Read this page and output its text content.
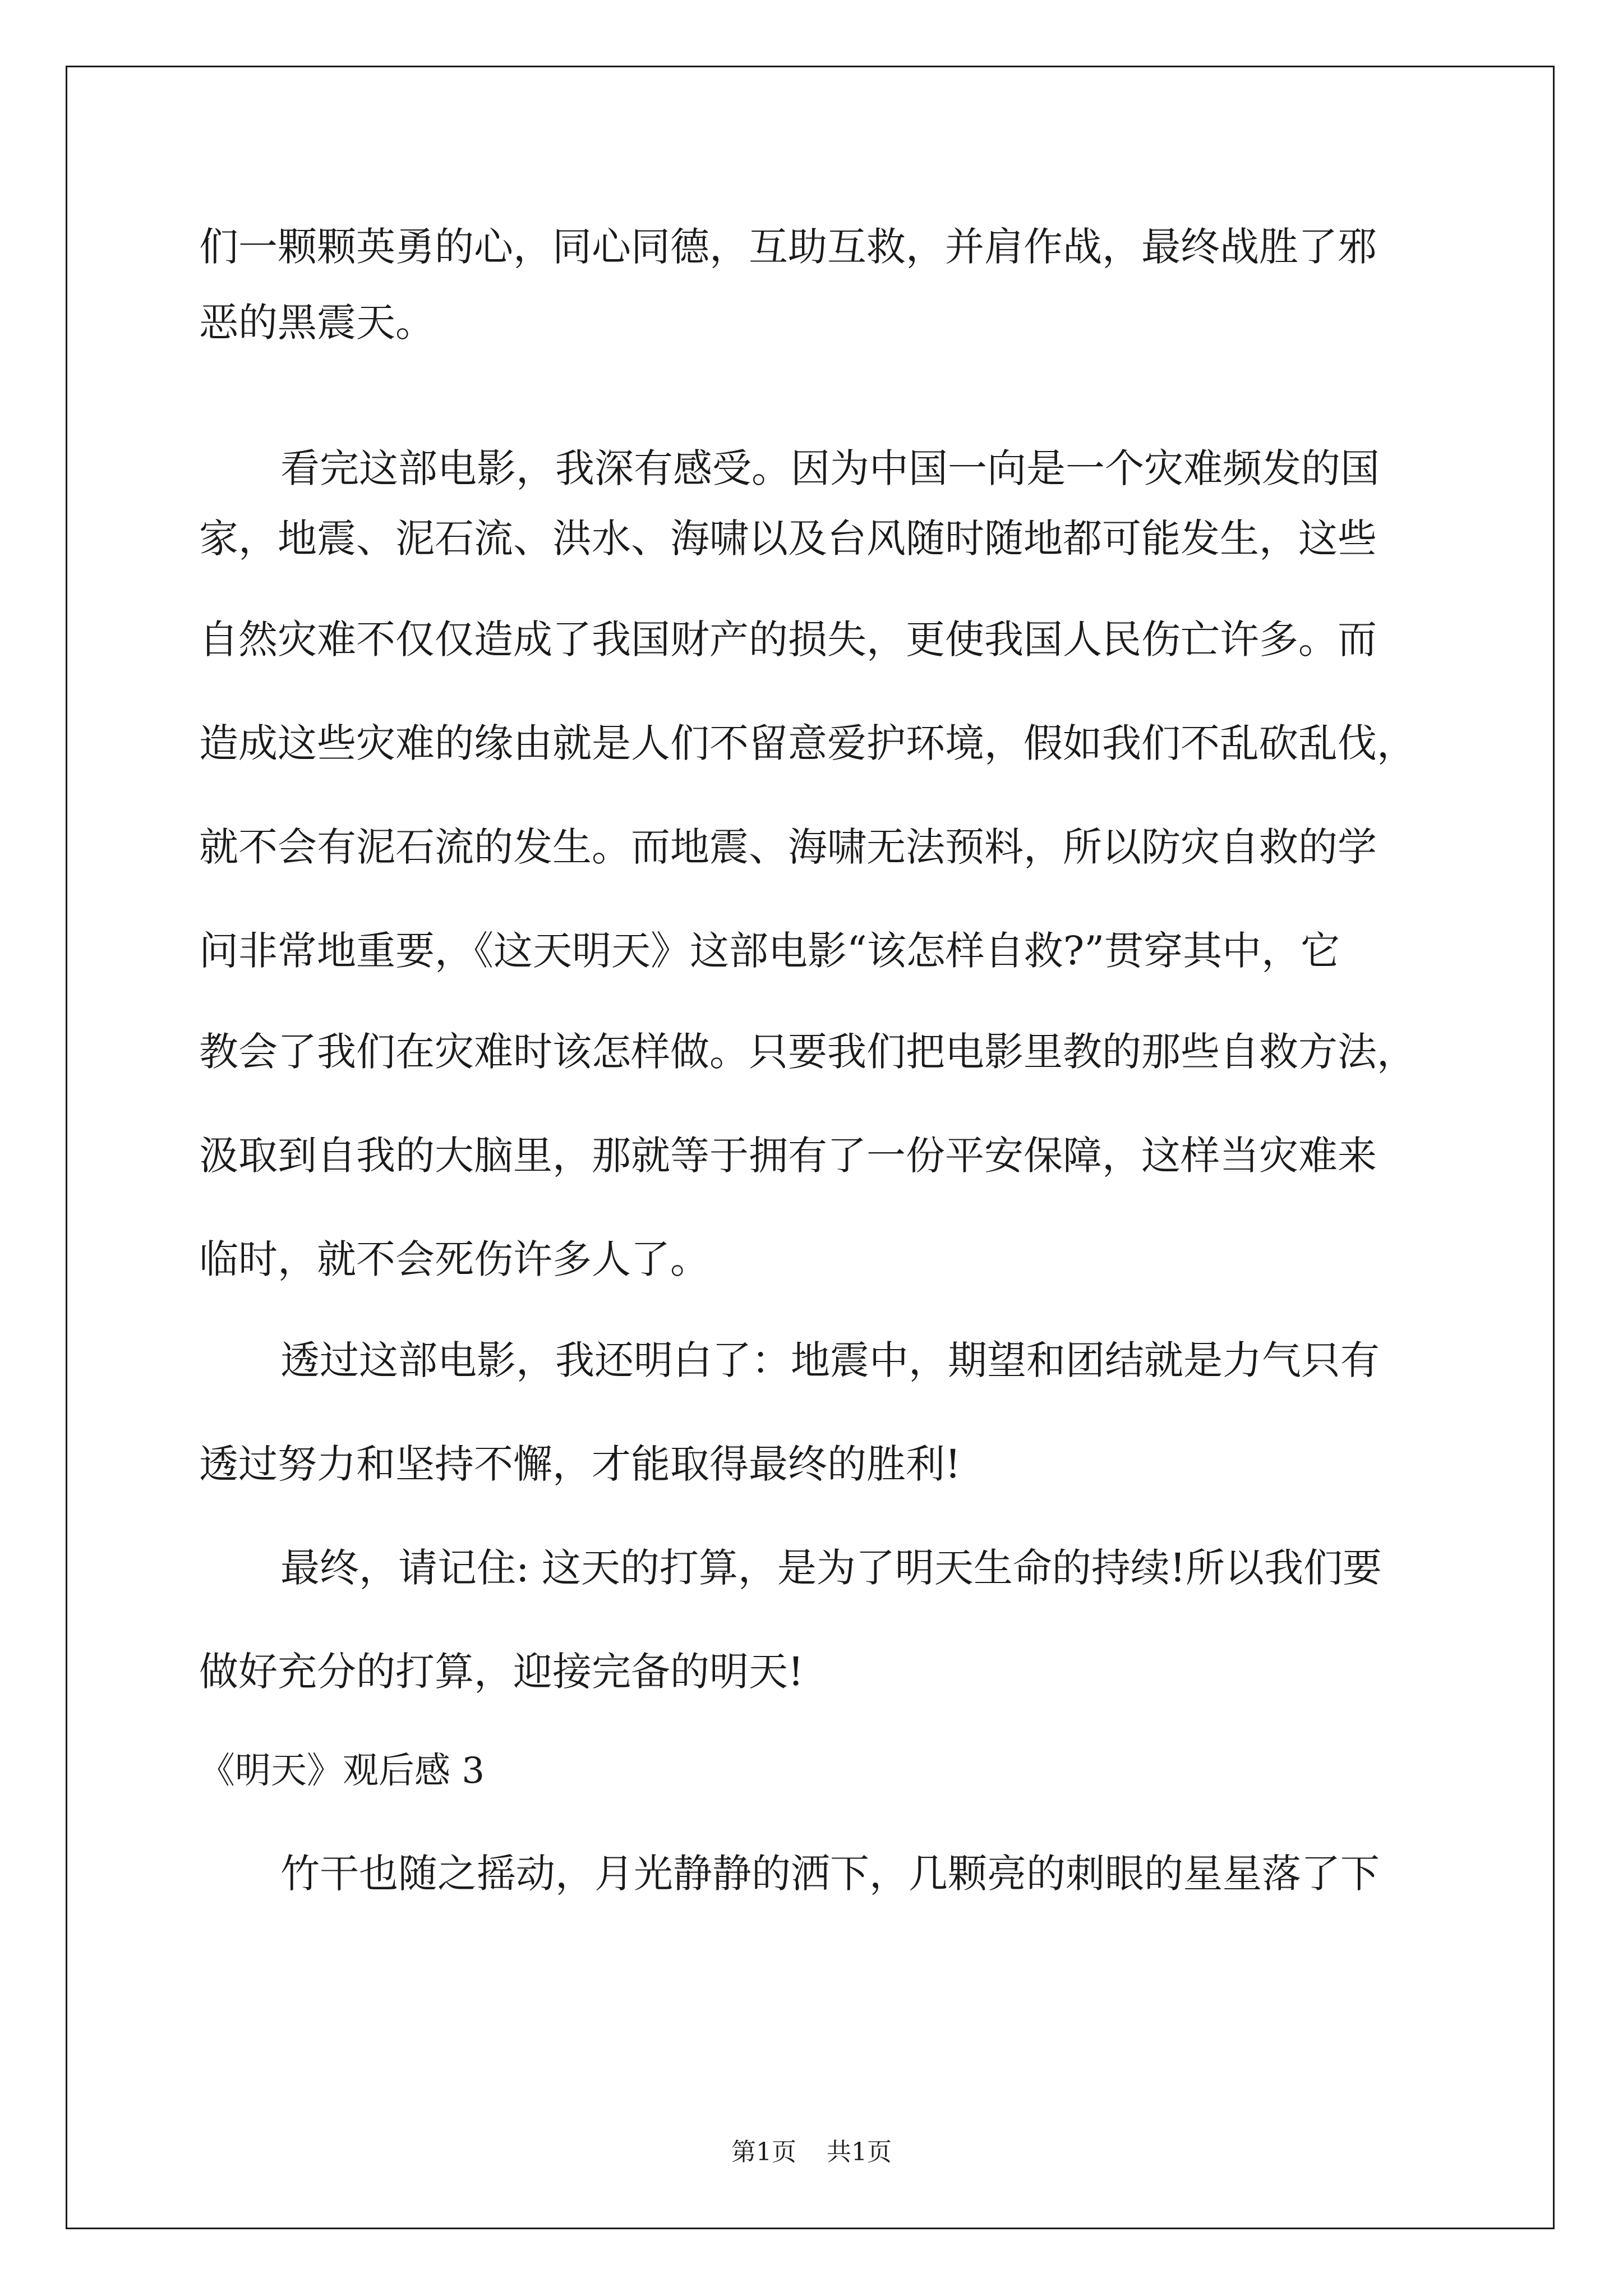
们一颗颗英勇的心，同心同德，互助互救，并肩作战，最终战胜了邪

恶的黑震天。

看完这部电影，我深有感受。因为中国一向是一个灾难频发的国

家，地震、泥石流、洪水、海啸以及台风随时随地都可能发生，这些

自然灾难不仅仅造成了我国财产的损失，更使我国人民伤亡许多。而

造成这些灾难的缘由就是人们不留意爱护环境，假如我们不乱砍乱伐，

就不会有泥石流的发生。而地震、海啸无法预料，所以防灾自救的学

问非常地重要，《这天明天》这部电影“该怎样自救?”贯穿其中，它

教会了我们在灾难时该怎样做。只要我们把电影里教的那些自救方法，

汲取到自我的大脑里，那就等于拥有了一份平安保障，这样当灾难来

临时，就不会死伤许多人了。

透过这部电影，我还明白了：地震中，期望和团结就是力气只有

透过努力和坚持不懈，才能取得最终的胜利!

最终，请记住: 这天的打算，是为了明天生命的持续!所以我们要

做好充分的打算，迎接完备的明天!

《明天》观后感 3

竹干也随之摇动，月光静静的洒下，几颗亮的刺眼的星星落了下

第1页 共1页
